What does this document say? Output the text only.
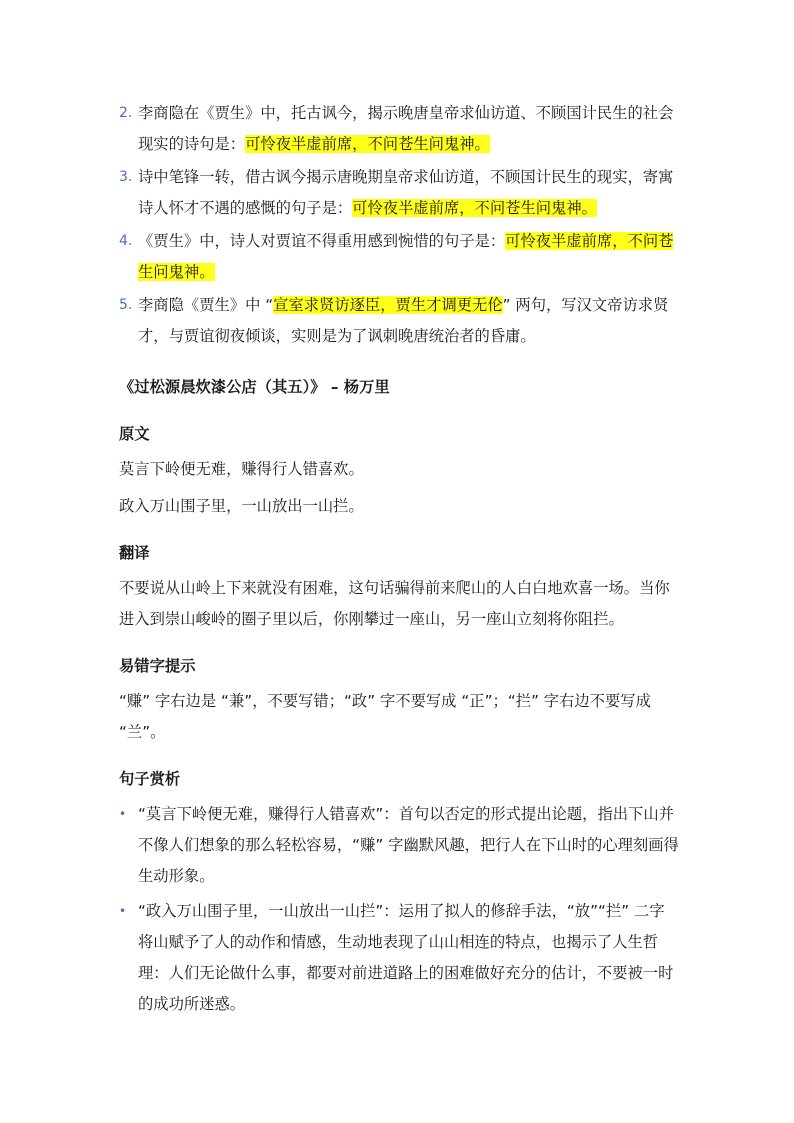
2. 李商隐在《贾生》中，托古讽今，揭示晚唐皇帝求仙访道、不顾国计民生的社会现实的诗句是：可怜夜半虚前席，不问苍生问鬼神。
3. 诗中笔锋一转，借古讽今揭示唐晚期皇帝求仙访道，不顾国计民生的现实，寄寓诗人怀才不遇的感慨的句子是：可怜夜半虚前席，不问苍生问鬼神。
4. 《贾生》中，诗人对贾谊不得重用感到惋惜的句子是：可怜夜半虚前席，不问苍生问鬼神。
5. 李商隐《贾生》中 “宣室求贤访逐臣，贾生才调更无伦” 两句，写汉文帝访求贤才，与贾谊彻夜倾谈，实则是为了讽刺晚唐统治者的昏庸。

《过松源晨炊漆公店（其五）》 – 杨万里

原文

莫言下岭便无难，赚得行人错喜欢。

政入万山围子里，一山放出一山拦。

翻译

不要说从山岭上下来就没有困难，这句话骗得前来爬山的人白白地欢喜一场。当你进入到崇山峻岭的圈子里以后，你刚攀过一座山，另一座山立刻将你阻拦。

易错字提示

“赚” 字右边是 “兼”，不要写错；“政” 字不要写成 “正”；“拦” 字右边不要写成 “兰”。

句子赏析

• “莫言下岭便无难，赚得行人错喜欢”：首句以否定的形式提出论题，指出下山并不像人们想象的那么轻松容易，“赚” 字幽默风趣，把行人在下山时的心理刻画得生动形象。
• “政入万山围子里，一山放出一山拦”：运用了拟人的修辞手法，“放”“拦” 二字将山赋予了人的动作和情感，生动地表现了山山相连的特点，也揭示了人生哲理：人们无论做什么事，都要对前进道路上的困难做好充分的估计，不要被一时的成功所迷惑。
